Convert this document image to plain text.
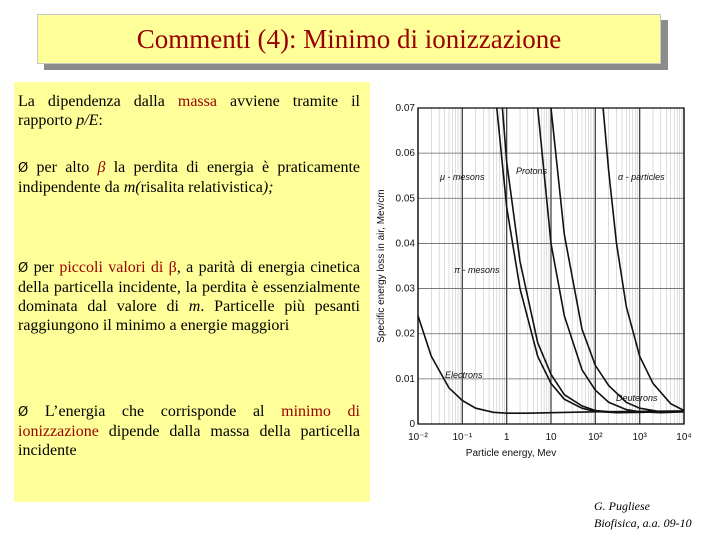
Commenti (4): Minimo di ionizzazione
La dipendenza dalla massa avviene tramite il rapporto p/E:
Ø per alto β la perdita di energia è praticamente indipendente da m(risalita relativistica);
Ø per piccoli valori di β, a parità di energia cinetica della particella incidente, la perdita è essenzialmente dominata dal valore di m. Particelle più pesanti raggiungono il minimo a energie maggiori
Ø L’energia che corrisponde al minimo di ionizzazione dipende dalla massa della particella incidente
10⁻² 10⁻¹	1	10	10²	10³	10⁴
0
0.01
0.02
0.03
0.04
0.05
0.06
0.07
Electrons
μ - mesons
π - mesons
Protons
Deuterons
α - particles
Particle energy, Mev
Specific energy loss in air, Mev/cm
G. Pugliese
Biofisica, a.a. 09-10
